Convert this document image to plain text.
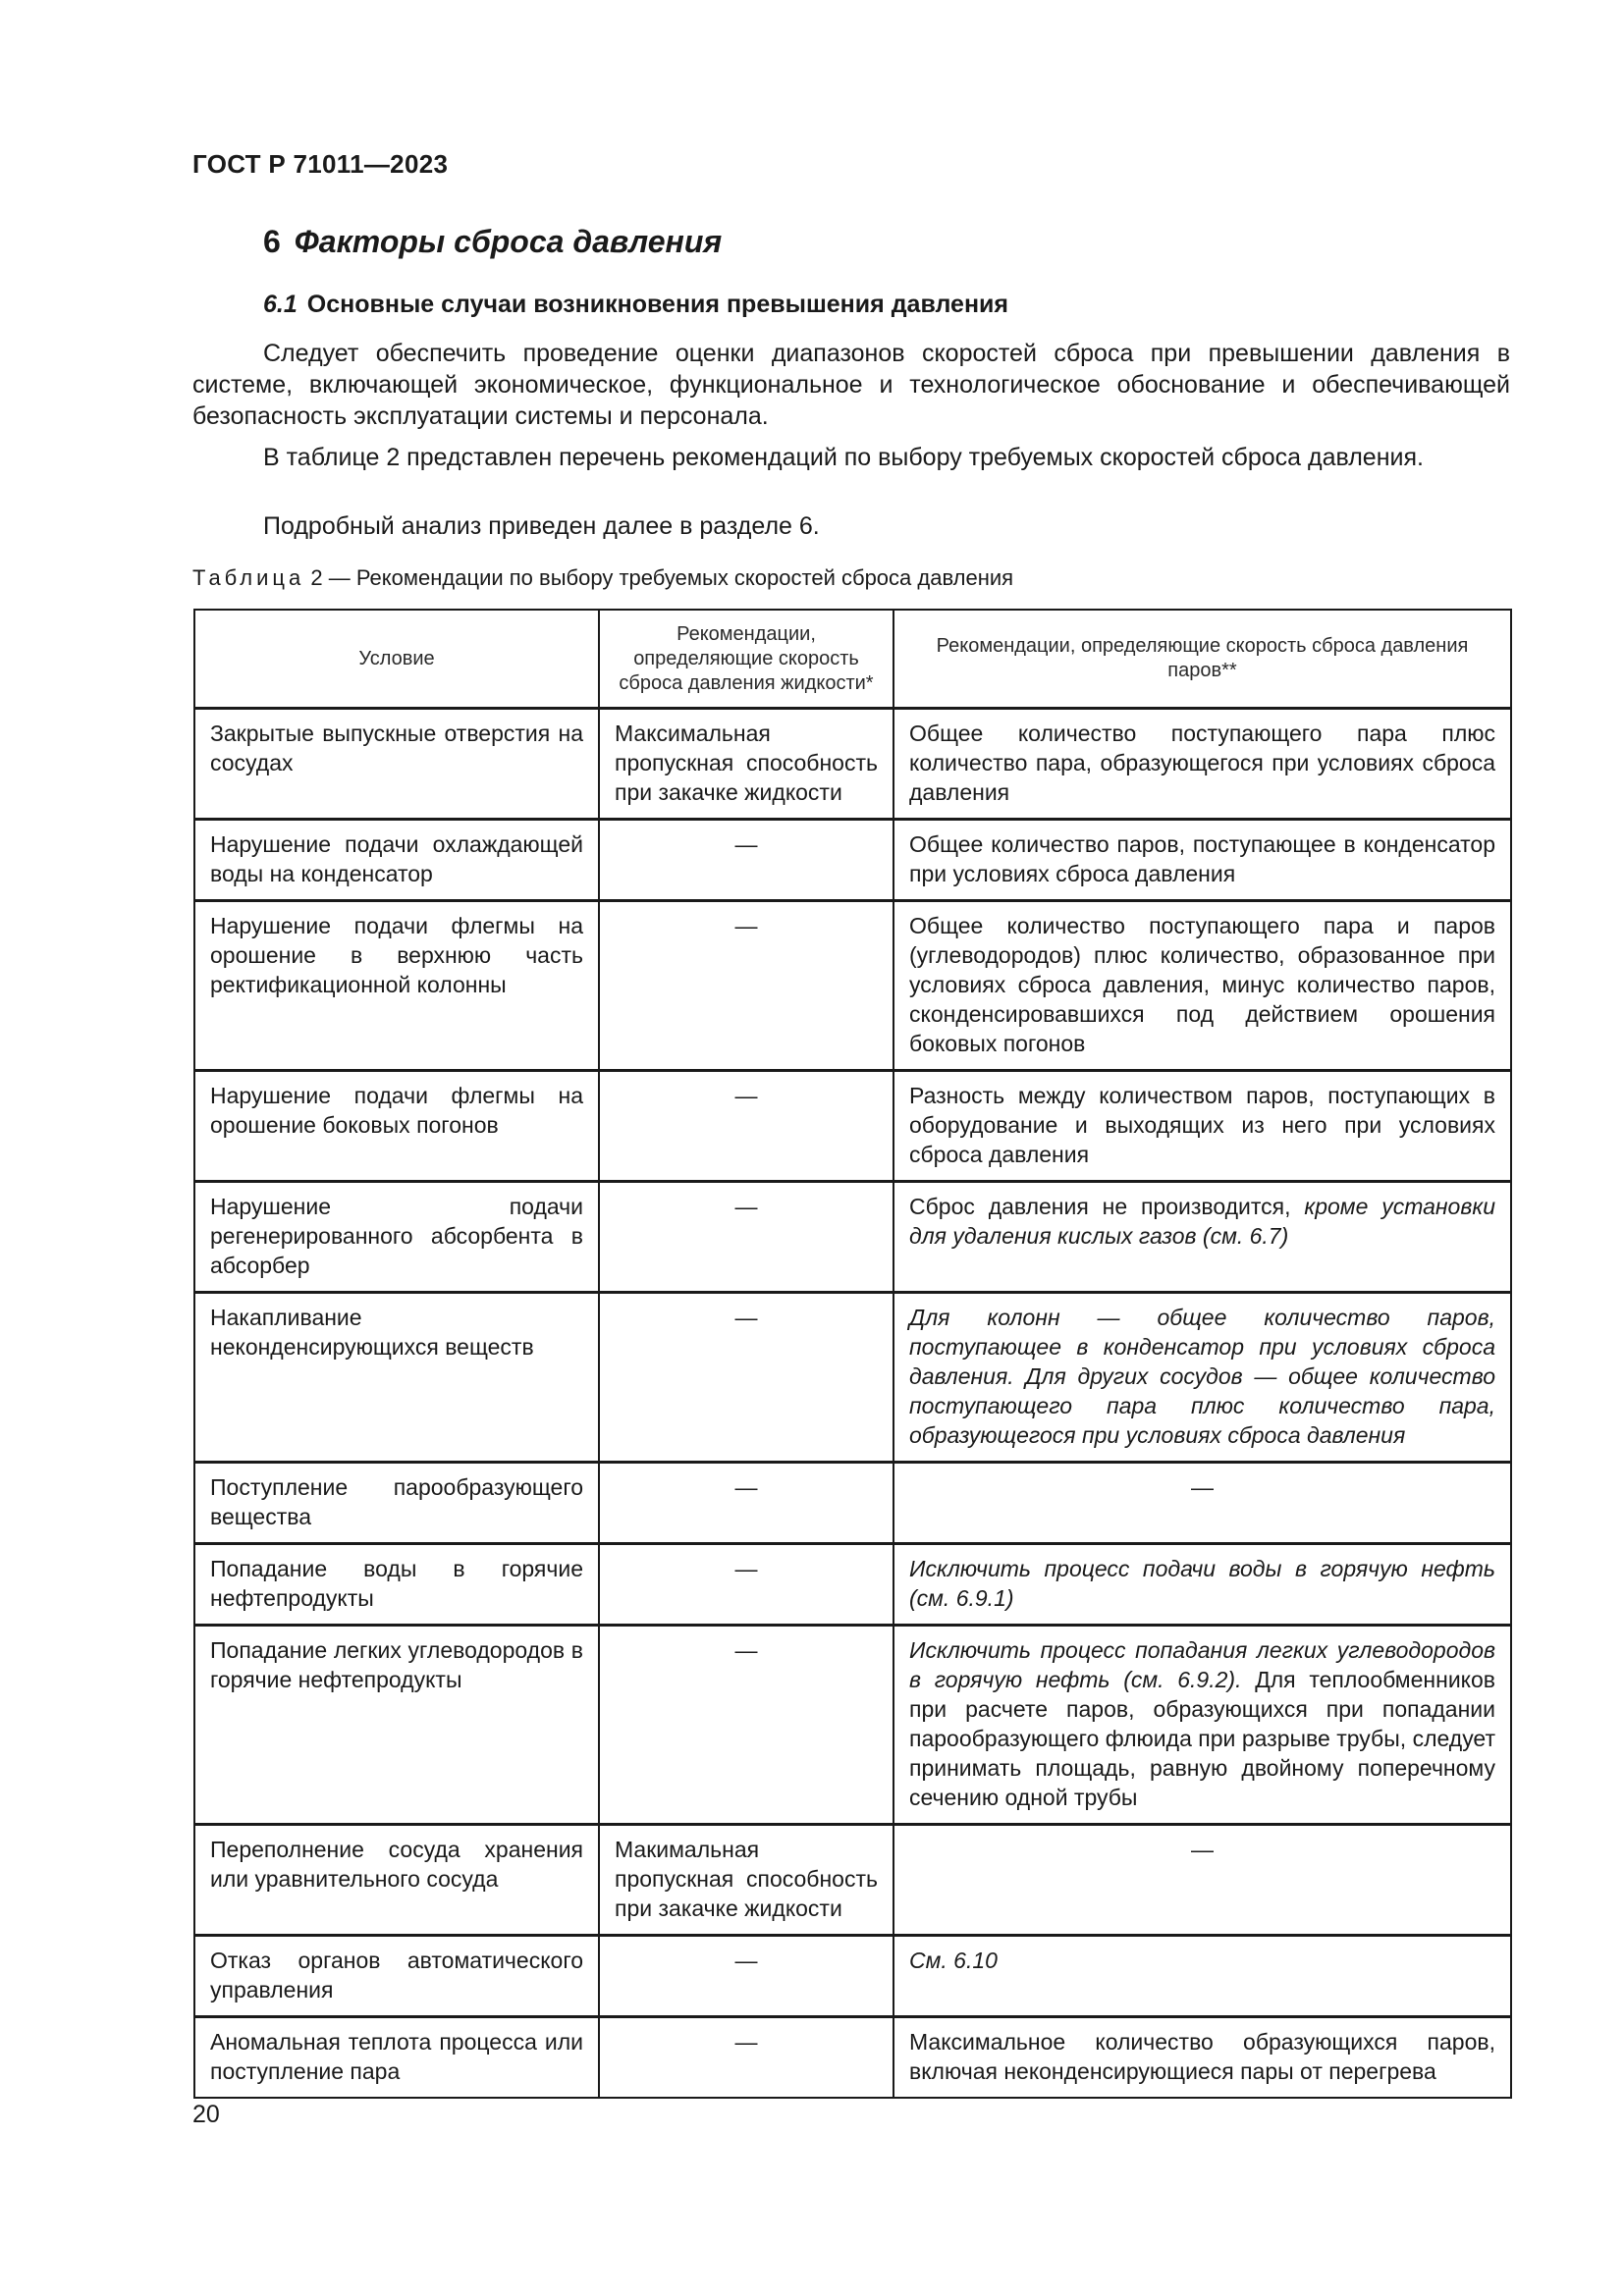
ГОСТ Р 71011—2023
6 Факторы сброса давления
6.1 Основные случаи возникновения превышения давления

Следует обеспечить проведение оценки диапазонов скоростей сброса при превышении давления в системе, включающей экономическое, функциональное и технологическое обоснование и обеспечивающей безопасность эксплуатации системы и персонала.

В таблице 2 представлен перечень рекомендаций по выбору требуемых скоростей сброса давления.

Подробный анализ приведен далее в разделе 6.

Таблица 2 — Рекомендации по выбору требуемых скоростей сброса давления
Условие	Рекомендации, определяющие скорость сброса давления жидкости*	Рекомендации, определяющие скорость сброса давления паров**
Закрытые выпускные отверстия на сосудах	Максимальная пропускная способность при закачке жидкости	Общее количество поступающего пара плюс количество пара, образующегося при условиях сброса давления
Нарушение подачи охлаждающей воды на конденсатор	—	Общее количество паров, поступающее в конденсатор при условиях сброса давления
Нарушение подачи флегмы на орошение в верхнюю часть ректификационной колонны	—	Общее количество поступающего пара и паров (углеводородов) плюс количество, образованное при условиях сброса давления, минус количество паров, сконденсировавшихся под действием орошения боковых погонов
Нарушение подачи флегмы на орошение боковых погонов	—	Разность между количеством паров, поступающих в оборудование и выходящих из него при условиях сброса давления
Нарушение подачи регенерированного абсорбента в абсорбер	—	Сброс давления не производится, кроме установки для удаления кислых газов (см. 6.7)
Накапливание неконденсирующихся веществ	—	Для колонн — общее количество паров, поступающее в конденсатор при условиях сброса давления. Для других сосудов — общее количество поступающего пара плюс количество пара, образующегося при условиях сброса давления
Поступление парообразующего вещества	—	—
Попадание воды в горячие нефтепродукты	—	Исключить процесс подачи воды в горячую нефть (см. 6.9.1)
Попадание легких углеводородов в горячие нефтепродукты	—	Исключить процесс попадания легких углеводородов в горячую нефть (см. 6.9.2). Для теплообменников при расчете паров, образующихся при попадании парообразующего флюида при разрыве трубы, следует принимать площадь, равную двойному поперечному сечению одной трубы
Переполнение сосуда хранения или уравнительного сосуда	Макимальная пропускная способность при закачке жидкости	—
Отказ органов автоматического управления	—	См. 6.10
Аномальная теплота процесса или поступление пара	—	Максимальное количество образующихся паров, включая неконденсирующиеся пары от перегрева
20
